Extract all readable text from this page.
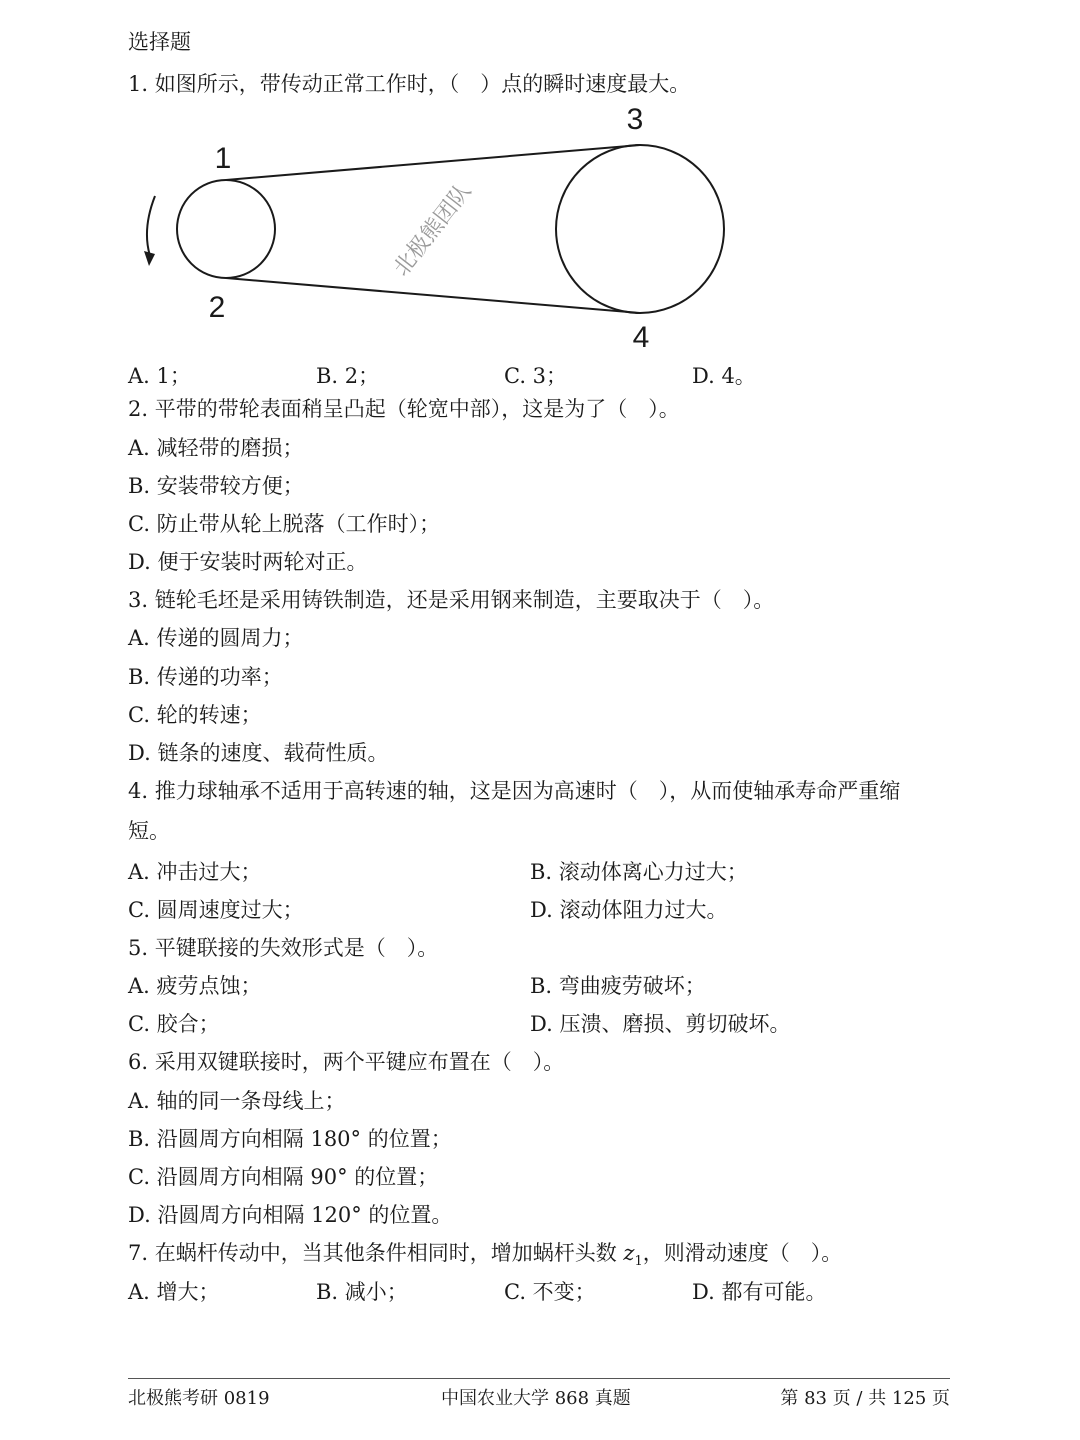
选择题
1. 如图所示，带传动正常工作时，（　）点的瞬时速度最大。
1
2
3
4
北极熊团队
A. 1；	B. 2；	C. 3；	D. 4。
2. 平带的带轮表面稍呈凸起（轮宽中部），这是为了（　）。
A. 减轻带的磨损；
B. 安装带较方便；
C. 防止带从轮上脱落（工作时）；
D. 便于安装时两轮对正。
3. 链轮毛坯是采用铸铁制造，还是采用钢来制造，主要取决于（　）。
A. 传递的圆周力；
B. 传递的功率；
C. 轮的转速；
D. 链条的速度、载荷性质。
4. 推力球轴承不适用于高转速的轴，这是因为高速时（　），从而使轴承寿命严重缩
短。
A. 冲击过大；	B. 滚动体离心力过大；
C. 圆周速度过大；	D. 滚动体阻力过大。
5. 平键联接的失效形式是（　）。
A. 疲劳点蚀；	B. 弯曲疲劳破坏；
C. 胶合；	D. 压溃、磨损、剪切破坏。
6. 采用双键联接时，两个平键应布置在（　）。
A. 轴的同一条母线上；
B. 沿圆周方向相隔 180° 的位置；
C. 沿圆周方向相隔 90° 的位置；
D. 沿圆周方向相隔 120° 的位置。
7. 在蜗杆传动中，当其他条件相同时，增加蜗杆头数 $z_1$，则滑动速度（　）。
A. 增大；	B. 减小；	C. 不变；	D. 都有可能。
北极熊考研 0819	中国农业大学 868 真题	第 83 页 / 共 125 页
